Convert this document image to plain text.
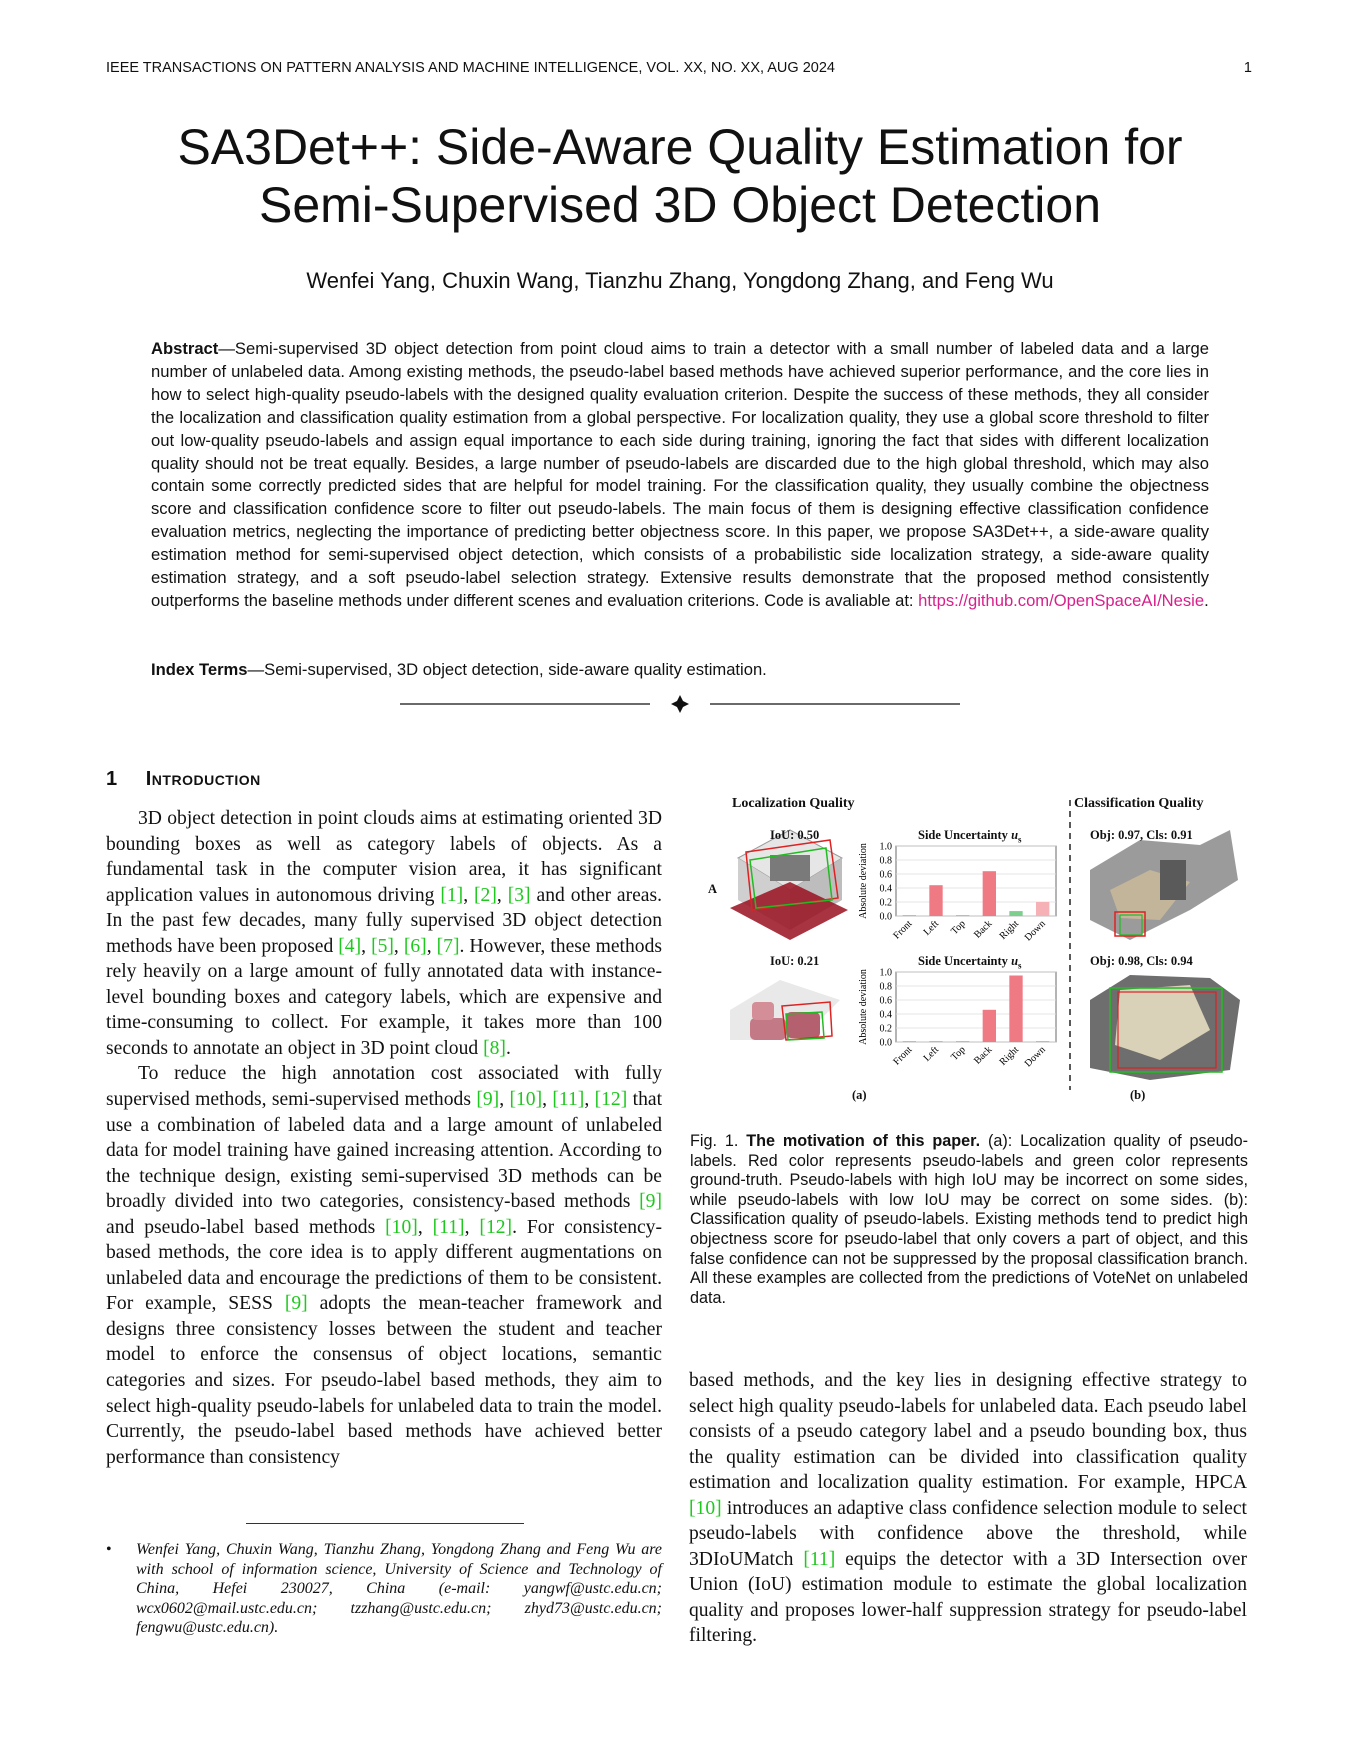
IEEE TRANSACTIONS ON PATTERN ANALYSIS AND MACHINE INTELLIGENCE, VOL. XX, NO. XX, AUG 2024	1
SA3Det++: Side-Aware Quality Estimation for
Semi-Supervised 3D Object Detection
Wenfei Yang, Chuxin Wang, Tianzhu Zhang, Yongdong Zhang, and Feng Wu
Abstract—Semi-supervised 3D object detection from point cloud aims to train a detector with a small number of labeled data and a large number of unlabeled data. Among existing methods, the pseudo-label based methods have achieved superior performance, and the core lies in how to select high-quality pseudo-labels with the designed quality evaluation criterion. Despite the success of these methods, they all consider the localization and classification quality estimation from a global perspective. For localization quality, they use a global score threshold to filter out low-quality pseudo-labels and assign equal importance to each side during training, ignoring the fact that sides with different localization quality should not be treat equally. Besides, a large number of pseudo-labels are discarded due to the high global threshold, which may also contain some correctly predicted sides that are helpful for model training. For the classification quality, they usually combine the objectness score and classification confidence score to filter out pseudo-labels. The main focus of them is designing effective classification confidence evaluation metrics, neglecting the importance of predicting better objectness score. In this paper, we propose SA3Det++, a side-aware quality estimation method for semi-supervised object detection, which consists of a probabilistic side localization strategy, a side-aware quality estimation strategy, and a soft pseudo-label selection strategy. Extensive results demonstrate that the proposed method consistently outperforms the baseline methods under different scenes and evaluation criterions. Code is avaliable at: https://github.com/OpenSpaceAI/Nesie.
Index Terms—Semi-supervised, 3D object detection, side-aware quality estimation.
1 Introduction

3D object detection in point clouds aims at estimating oriented 3D bounding boxes as well as category labels of objects. As a fundamental task in the computer vision area, it has significant application values in autonomous driving [1], [2], [3] and other areas. In the past few decades, many fully supervised 3D object detection methods have been proposed [4], [5], [6], [7]. However, these methods rely heavily on a large amount of fully annotated data with instance-level bounding boxes and category labels, which are expensive and time-consuming to collect. For example, it takes more than 100 seconds to annotate an object in 3D point cloud [8].

To reduce the high annotation cost associated with fully supervised methods, semi-supervised methods [9], [10], [11], [12] that use a combination of labeled data and a large amount of unlabeled data for model training have gained increasing attention. According to the technique design, existing semi-supervised 3D methods can be broadly divided into two categories, consistency-based methods [9] and pseudo-label based methods [10], [11], [12]. For consistency-based methods, the core idea is to apply different augmentations on unlabeled data and encourage the predictions of them to be consistent. For example, SESS [9] adopts the mean-teacher framework and designs three consistency losses between the student and teacher model to enforce the consensus of object locations, semantic categories and sizes. For pseudo-label based methods, they aim to select high-quality pseudo-labels for unlabeled data to train the model. Currently, the pseudo-label based methods have achieved better performance than consistency

• Wenfei Yang, Chuxin Wang, Tianzhu Zhang, Yongdong Zhang and Feng Wu are with school of information science, University of Science and Technology of China, Hefei 230027, China (e-mail: yangwf@ustc.edu.cn; wcx0602@mail.ustc.edu.cn; tzzhang@ustc.edu.cn; zhyd73@ustc.edu.cn; fengwu@ustc.edu.cn).
0.0
0.2
0.4
0.6
0.8
1.0
Absolute deviation
Front Left Top Back Right Down
0.0
0.2
0.4
0.6
0.8
1.0
Absolute deviation
Front Left Top Back Right Down
Localization Quality	Classification Quality
IoU: 0.50
IoU: 0.21
Obj: 0.97, Cls: 0.91
Obj: 0.98, Cls: 0.94
A
Side Uncertainty $u_s$
Side Uncertainty $u_s$
(a)	(b)
Fig. 1. The motivation of this paper. (a): Localization quality of pseudo-labels. Red color represents pseudo-labels and green color represents ground-truth. Pseudo-labels with high IoU may be incorrect on some sides, while pseudo-labels with low IoU may be correct on some sides. (b): Classification quality of pseudo-labels. Existing methods tend to predict high objectness score for pseudo-label that only covers a part of object, and this false confidence can not be suppressed by the proposal classification branch. All these examples are collected from the predictions of VoteNet on unlabeled data.

based methods, and the key lies in designing effective strategy to select high quality pseudo-labels for unlabeled data. Each pseudo label consists of a pseudo category label and a pseudo bounding box, thus the quality estimation can be divided into classification quality estimation and localization quality estimation. For example, HPCA [10] introduces an adaptive class confidence selection module to select pseudo-labels with confidence above the threshold, while 3DIoUMatch [11] equips the detector with a 3D Intersection over Union (IoU) estimation module to estimate the global localization quality and proposes lower-half suppression strategy for pseudo-label filtering.
